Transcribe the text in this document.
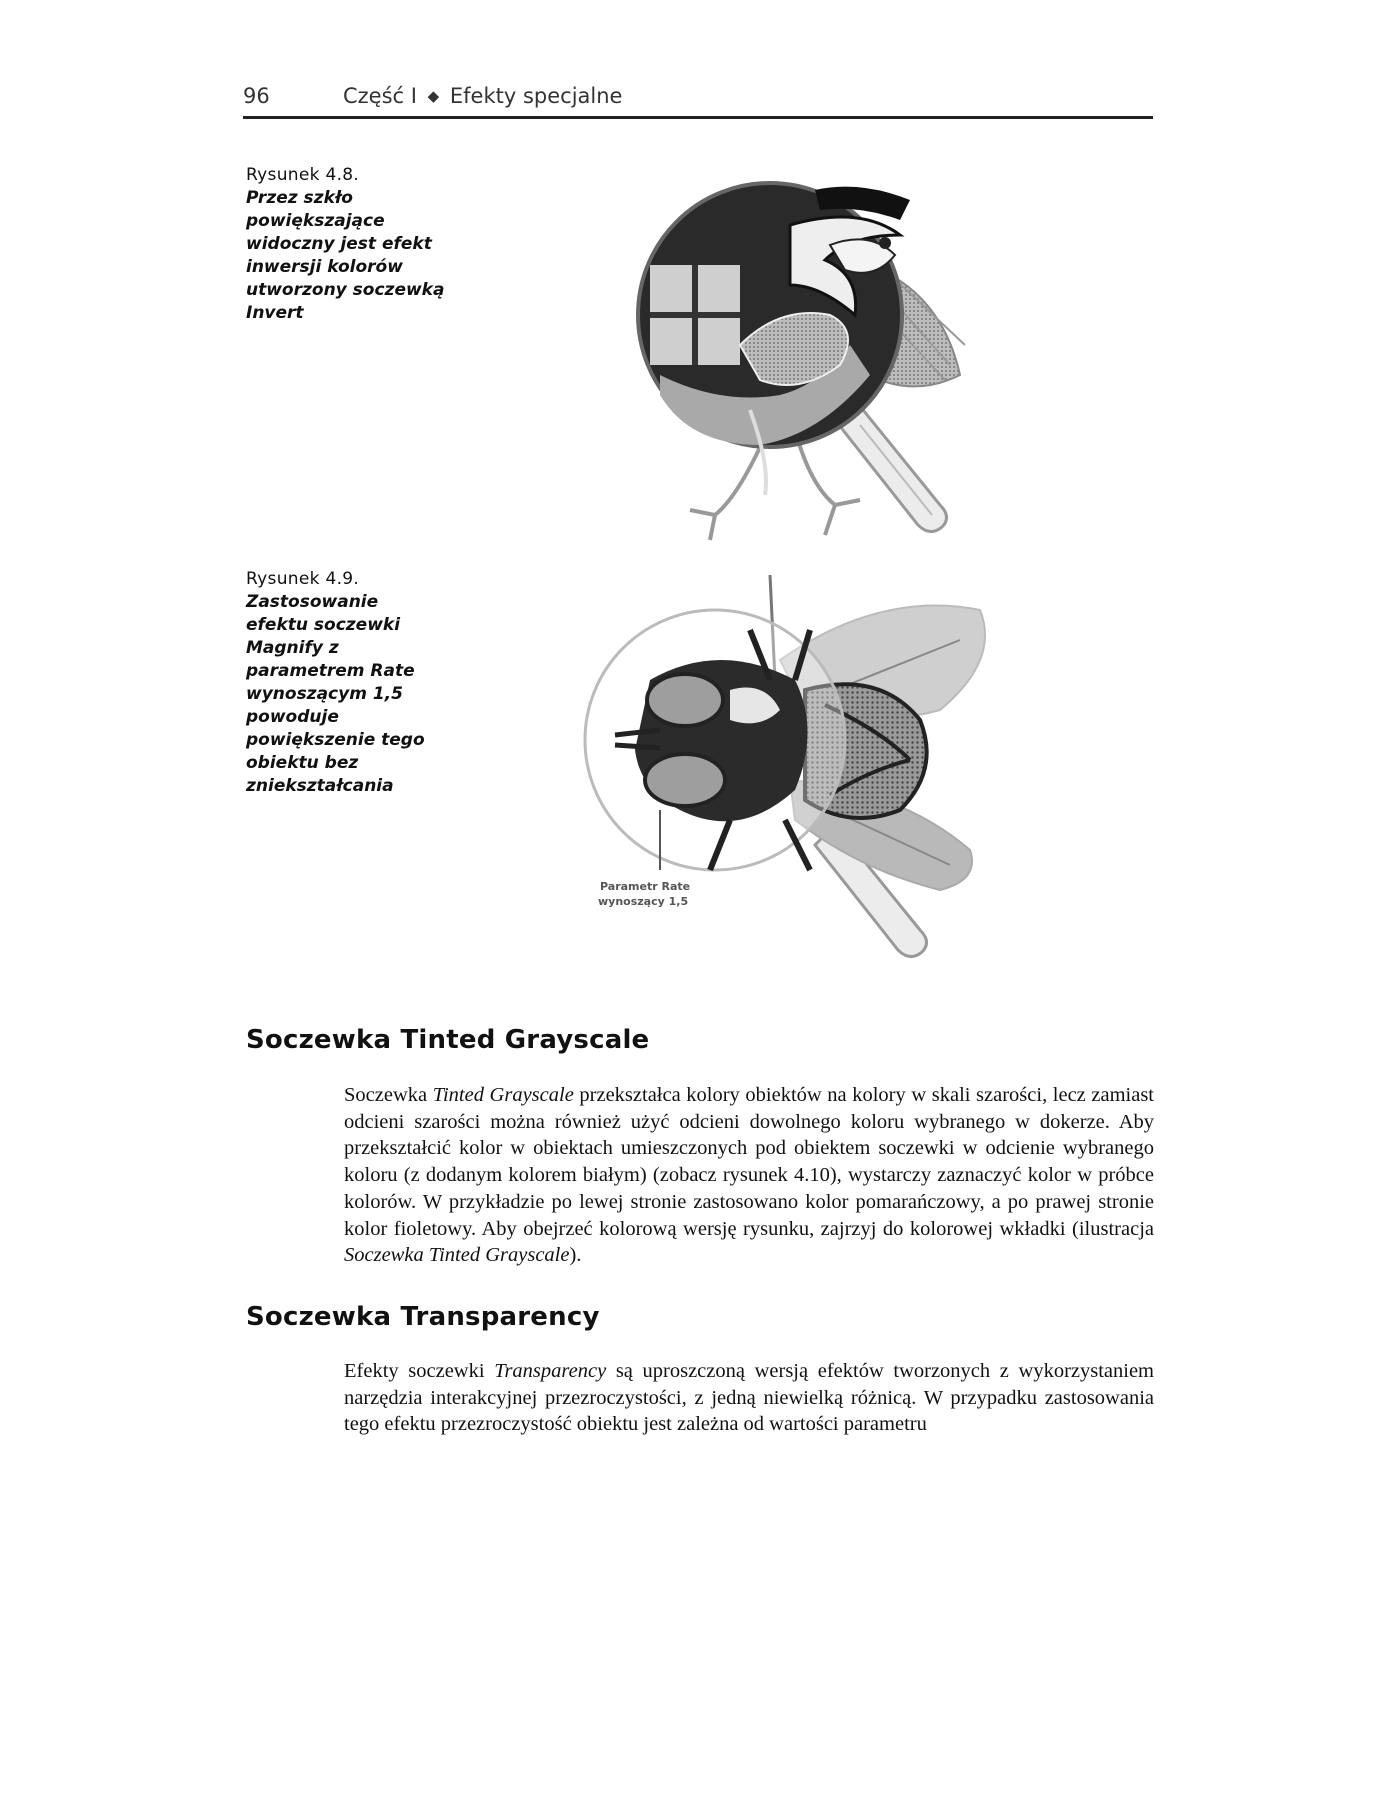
96	Część I ◆ Efekty specjalne
Rysunek 4.8.
Przez szkło powiększające widoczny jest efekt inwersji kolorów utworzony soczewką Invert
Rysunek 4.9.
Zastosowanie efektu soczewki Magnify z parametrem Rate wynoszącym 1,5 powoduje powiększenie tego obiektu bez zniekształcania
Parametr Rate
wynoszący 1,5
Soczewka Tinted Grayscale

Soczewka Tinted Grayscale przekształca kolory obiektów na kolory w skali szarości, lecz zamiast odcieni szarości można również użyć odcieni dowolnego koloru wybranego w dokerze. Aby przekształcić kolor w obiektach umieszczonych pod obiektem soczewki w odcienie wybranego koloru (z dodanym kolorem białym) (zobacz rysunek 4.10), wystarczy zaznaczyć kolor w próbce kolorów. W przykładzie po lewej stronie zastosowano kolor pomarańczowy, a po prawej stronie kolor fioletowy. Aby obejrzeć kolorową wersję rysunku, zajrzyj do kolorowej wkładki (ilustracja Soczewka Tinted Grayscale).

Soczewka Transparency

Efekty soczewki Transparency są uproszczoną wersją efektów tworzonych z wykorzystaniem narzędzia interakcyjnej przezroczystości, z jedną niewielką różnicą. W przypadku zastosowania tego efektu przezroczystość obiektu jest zależna od wartości parametru
